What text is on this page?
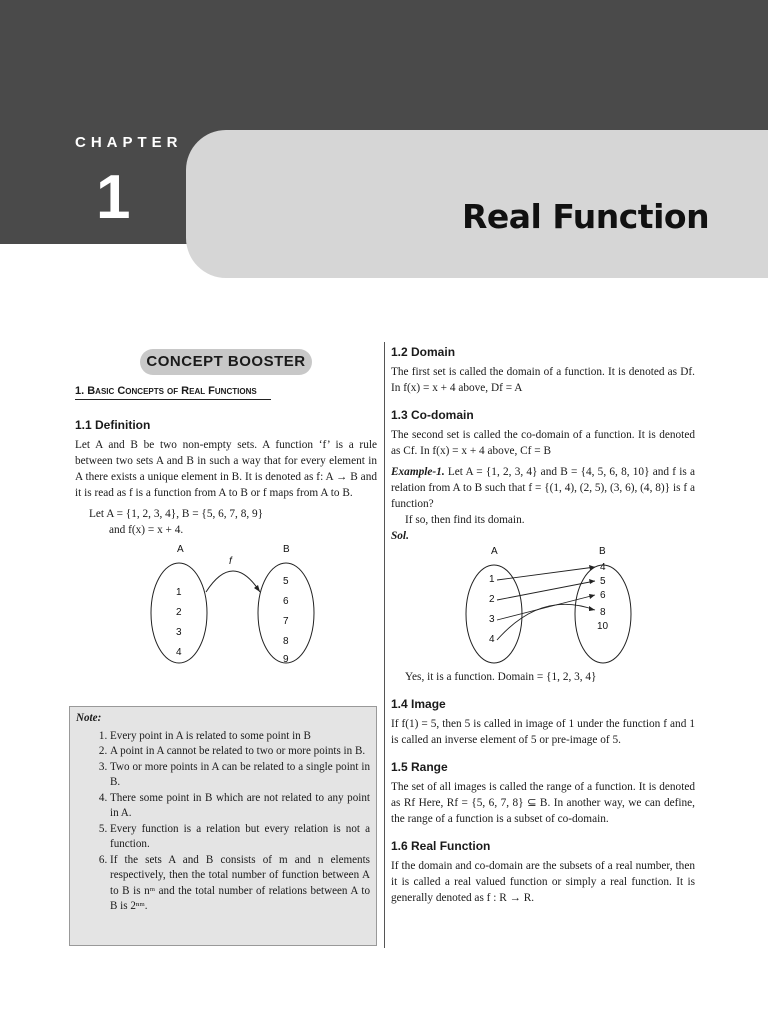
CHAPTER
1	Real Function
CONCEPT BOOSTER
1. Basic Concepts of Real Functions
1.1 Definition

Let A and B be two non-empty sets. A function ‘f’ is a rule between two sets A and B in such a way that for every element in A there exists a unique element in B. It is denoted as f: A → B and it is read as f is a function from A to B or f maps from A to B.

Let A = {1, 2, 3, 4}, B = {5, 6, 7, 8, 9}

and f(x) = x + 4.

A	B
f
1
2
3
4
5
6
7
8
9
Note:
1. Every point in A is related to some point in B
2. A point in A cannot be related to two or more points in B.
3. Two or more points in A can be related to a single point in B.
4. There some point in B which are not related to any point in A.
5. Every function is a relation but every relation is not a function.
6. If the sets A and B consists of m and n elements respectively, then the total number of function between A to B is nᵐ and the total number of relations between A to B is 2ⁿᵐ.
1.2 Domain

The first set is called the domain of a function. It is denoted as Df. In f(x) = x + 4 above, Df = A

1.3 Co-domain

The second set is called the co-domain of a function. It is denoted as Cf. In f(x) = x + 4 above, Cf = B

Example-1. Let A = {1, 2, 3, 4} and B = {4, 5, 6, 8, 10} and f is a relation from A to B such that f = {(1, 4), (2, 5), (3, 6), (4, 8)} is f a function?

If so, then find its domain.

Sol.

A	B
1
2
3
4
4
5
6
8
10

Yes, it is a function. Domain = {1, 2, 3, 4}

1.4 Image

If f(1) = 5, then 5 is called in image of 1 under the function f and 1 is called an inverse element of 5 or pre-image of 5.

1.5 Range

The set of all images is called the range of a function. It is denoted as Rf Here, Rf = {5, 6, 7, 8} ⊆ B. In another way, we can define, the range of a function is a subset of co-domain.

1.6 Real Function

If the domain and co-domain are the subsets of a real number, then it is called a real valued function or simply a real function. It is generally denoted as f : R → R.
